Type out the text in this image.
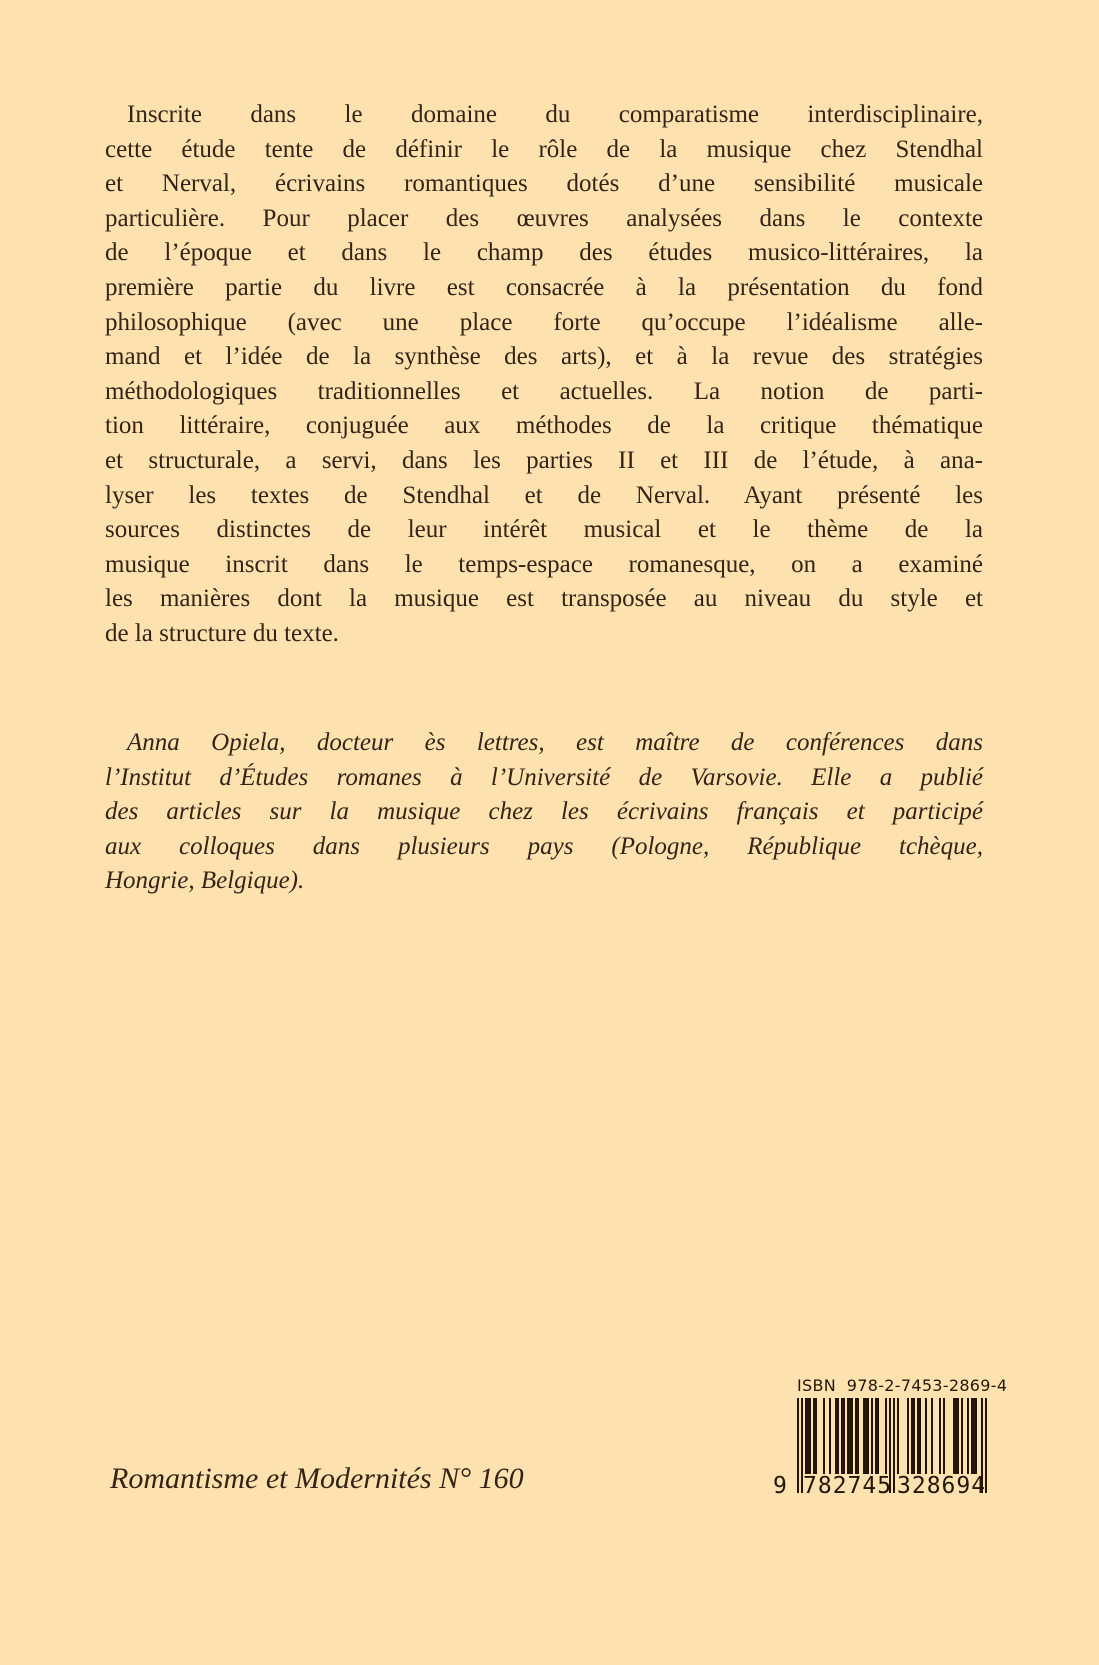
Inscrite dans le domaine du comparatisme interdisciplinaire,
cette étude tente de définir le rôle de la musique chez Stendhal
et Nerval, écrivains romantiques dotés d’une sensibilité musicale
particulière. Pour placer des œuvres analysées dans le contexte
de l’époque et dans le champ des études musico-littéraires, la
première partie du livre est consacrée à la présentation du fond
philosophique (avec une place forte qu’occupe l’idéalisme alle-
mand et l’idée de la synthèse des arts), et à la revue des stratégies
méthodologiques traditionnelles et actuelles. La notion de parti-
tion littéraire, conjuguée aux méthodes de la critique thématique
et structurale, a servi, dans les parties II et III de l’étude, à ana-
lyser les textes de Stendhal et de Nerval. Ayant présenté les
sources distinctes de leur intérêt musical et le thème de la
musique inscrit dans le temps-espace romanesque, on a examiné
les manières dont la musique est transposée au niveau du style et
de la structure du texte.
Anna Opiela, docteur ès lettres, est maître de conférences dans
l’Institut d’Études romanes à l’Université de Varsovie. Elle a publié
des articles sur la musique chez les écrivains français et participé
aux colloques dans plusieurs pays (Pologne, République tchèque,
Hongrie, Belgique).
Romantisme et Modernités N° 160
ISBN  978-2-7453-2869-4
9 782745 328694
